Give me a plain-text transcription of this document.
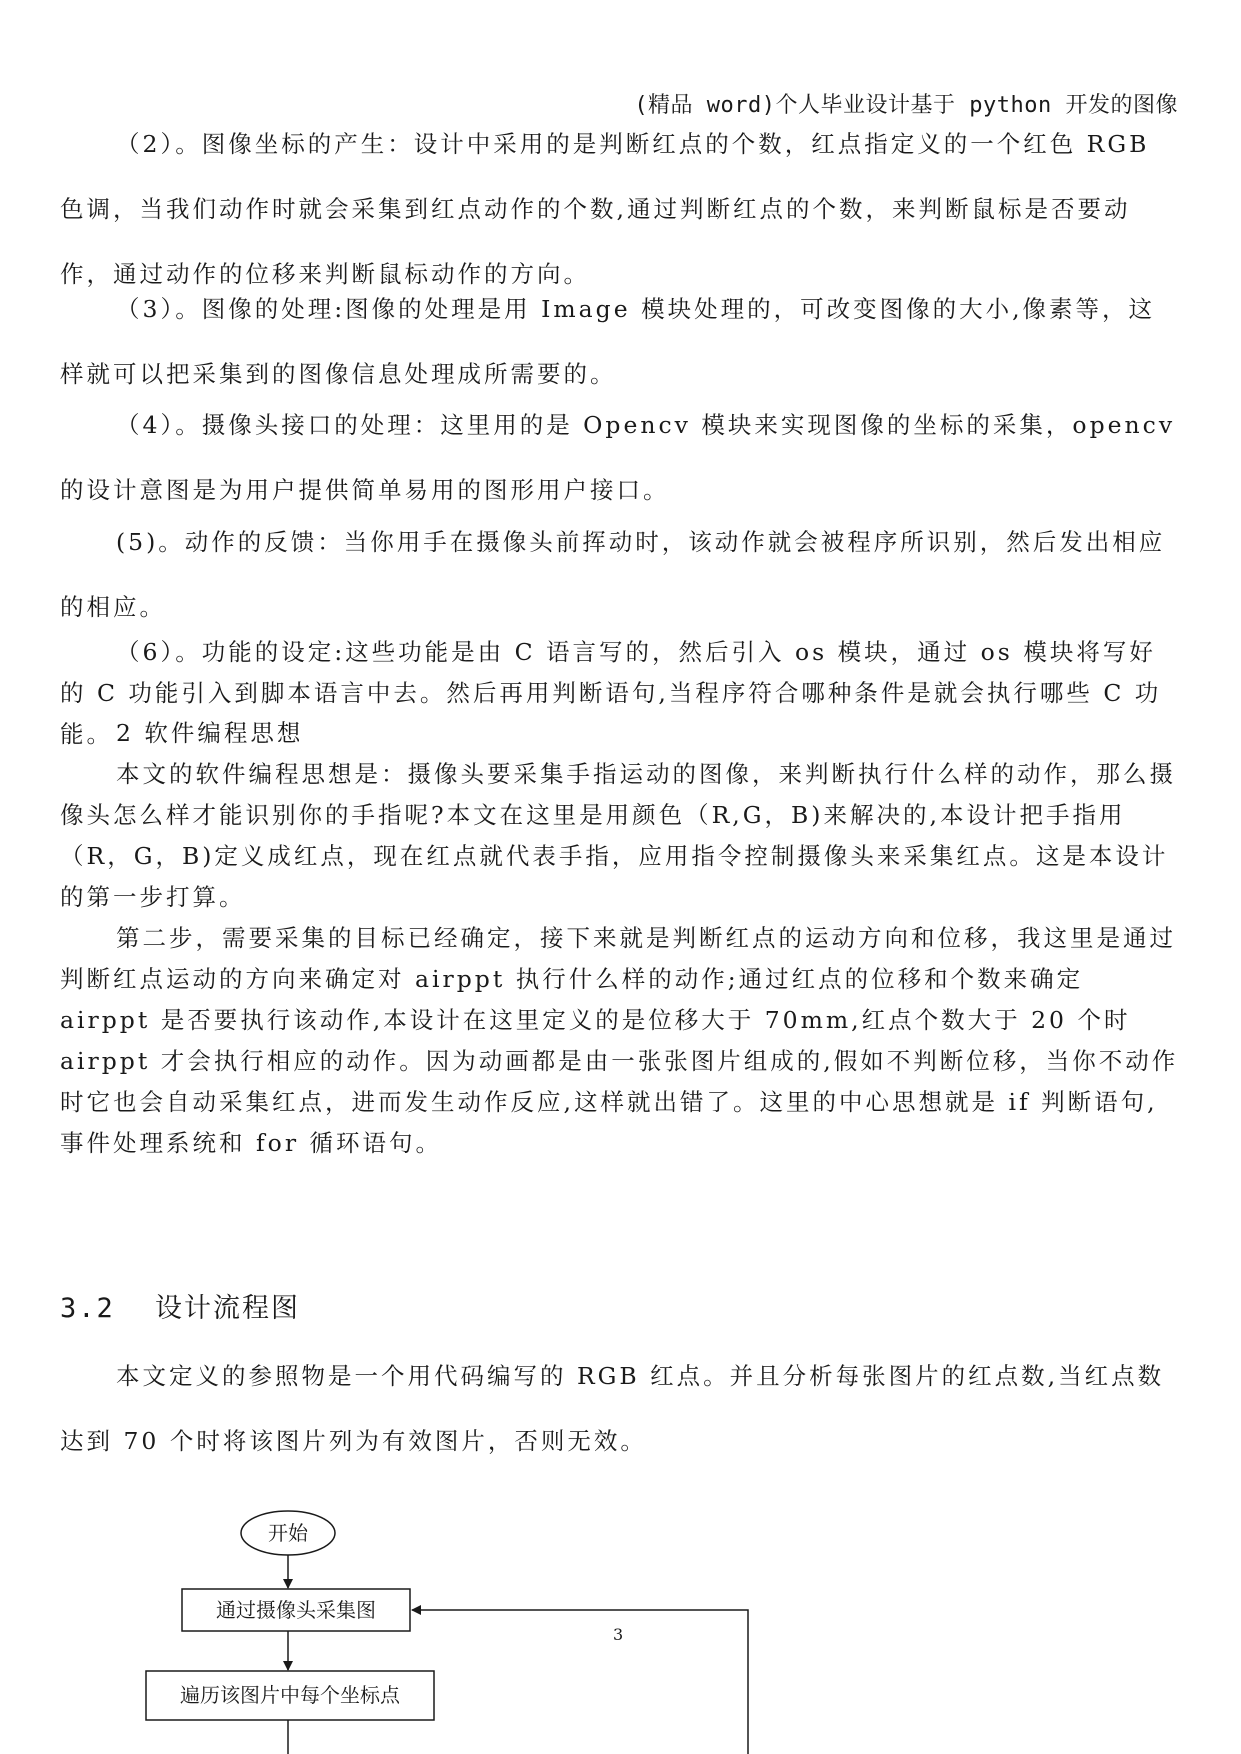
(精品 word)个人毕业设计基于 python 开发的图像

（2）。图像坐标的产生：设计中采用的是判断红点的个数，红点指定义的一个红色 RGB 色调，当我们动作时就会采集到红点动作的个数,通过判断红点的个数，来判断鼠标是否要动作，通过动作的位移来判断鼠标动作的方向。

（3）。图像的处理:图像的处理是用 Image 模块处理的，可改变图像的大小,像素等，这样就可以把采集到的图像信息处理成所需要的。

（4）。摄像头接口的处理：这里用的是 Opencv 模块来实现图像的坐标的采集，opencv 的设计意图是为用户提供简单易用的图形用户接口。

(5)。动作的反馈：当你用手在摄像头前挥动时，该动作就会被程序所识别，然后发出相应的相应。

（6）。功能的设定:这些功能是由 C 语言写的，然后引入 os 模块，通过 os 模块将写好的 C 功能引入到脚本语言中去。然后再用判断语句,当程序符合哪种条件是就会执行哪些 C 功能。 2 软件编程思想

本文的软件编程思想是：摄像头要采集手指运动的图像，来判断执行什么样的动作，那么摄像头怎么样才能识别你的手指呢?本文在这里是用颜色（R,G，B)来解决的,本设计把手指用（R，G，B)定义成红点，现在红点就代表手指，应用指令控制摄像头来采集红点。这是本设计的第一步打算。

第二步，需要采集的目标已经确定，接下来就是判断红点的运动方向和位移，我这里是通过判断红点运动的方向来确定对 airppt 执行什么样的动作;通过红点的位移和个数来确定 airppt 是否要执行该动作,本设计在这里定义的是位移大于 70mm,红点个数大于 20 个时 airppt 才会执行相应的动作。因为动画都是由一张张图片组成的,假如不判断位移，当你不动作时它也会自动采集红点，进而发生动作反应,这样就出错了。这里的中心思想就是 if 判断语句,事件处理系统和 for 循环语句。

3.2 设计流程图

本文定义的参照物是一个用代码编写的 RGB 红点。并且分析每张图片的红点数,当红点数达到 70 个时将该图片列为有效图片，否则无效。

开始
通过摄像头采集图
遍历该图片中每个坐标点
3
